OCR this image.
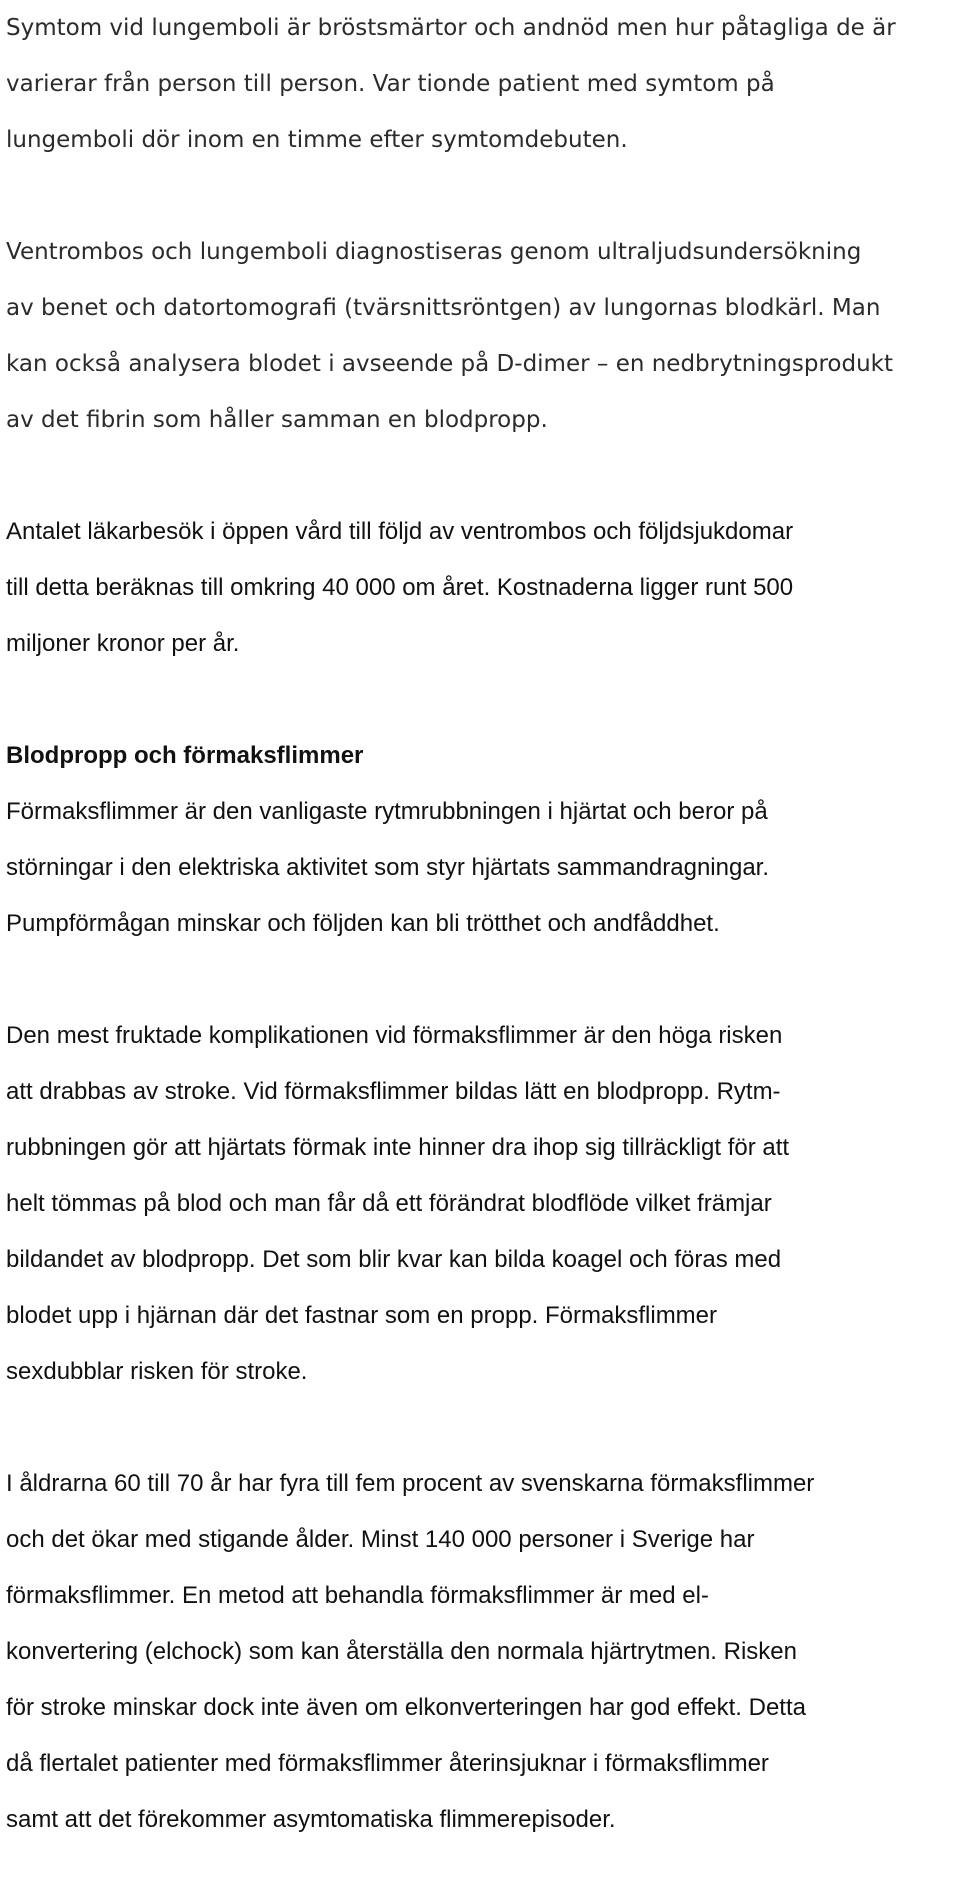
Symtom vid lungemboli är bröstsmärtor och andnöd men hur påtagliga de är
varierar från person till person. Var tionde patient med symtom på
lungemboli dör inom en timme efter symtomdebuten.
Ventrombos och lungemboli diagnostiseras genom ultraljudsundersökning
av benet och datortomografi (tvärsnittsröntgen) av lungornas blodkärl. Man
kan också analysera blodet i avseende på D-dimer – en nedbrytningsprodukt
av det fibrin som håller samman en blodpropp.
Antalet läkarbesök i öppen vård till följd av ventrombos och följdsjukdomar
till detta beräknas till omkring 40 000 om året. Kostnaderna ligger runt 500
miljoner kronor per år.
Blodpropp och förmaksflimmer
Förmaksflimmer är den vanligaste rytmrubbningen i hjärtat och beror på
störningar i den elektriska aktivitet som styr hjärtats sammandragningar.
Pumpförmågan minskar och följden kan bli trötthet och andfåddhet.
Den mest fruktade komplikationen vid förmaksflimmer är den höga risken
att drabbas av stroke. Vid förmaksflimmer bildas lätt en blodpropp. Rytm-
rubbningen gör att hjärtats förmak inte hinner dra ihop sig tillräckligt för att
helt tömmas på blod och man får då ett förändrat blodflöde vilket främjar
bildandet av blodpropp. Det som blir kvar kan bilda koagel och föras med
blodet upp i hjärnan där det fastnar som en propp. Förmaksflimmer
sexdubblar risken för stroke.
I åldrarna 60 till 70 år har fyra till fem procent av svenskarna förmaksflimmer
och det ökar med stigande ålder. Minst 140 000 personer i Sverige har
förmaksflimmer. En metod att behandla förmaksflimmer är med el-
konvertering (elchock) som kan återställa den normala hjärtrytmen. Risken
för stroke minskar dock inte även om elkonverteringen har god effekt. Detta
då flertalet patienter med förmaksflimmer återinsjuknar i förmaksflimmer
samt att det förekommer asymtomatiska flimmerepisoder.
